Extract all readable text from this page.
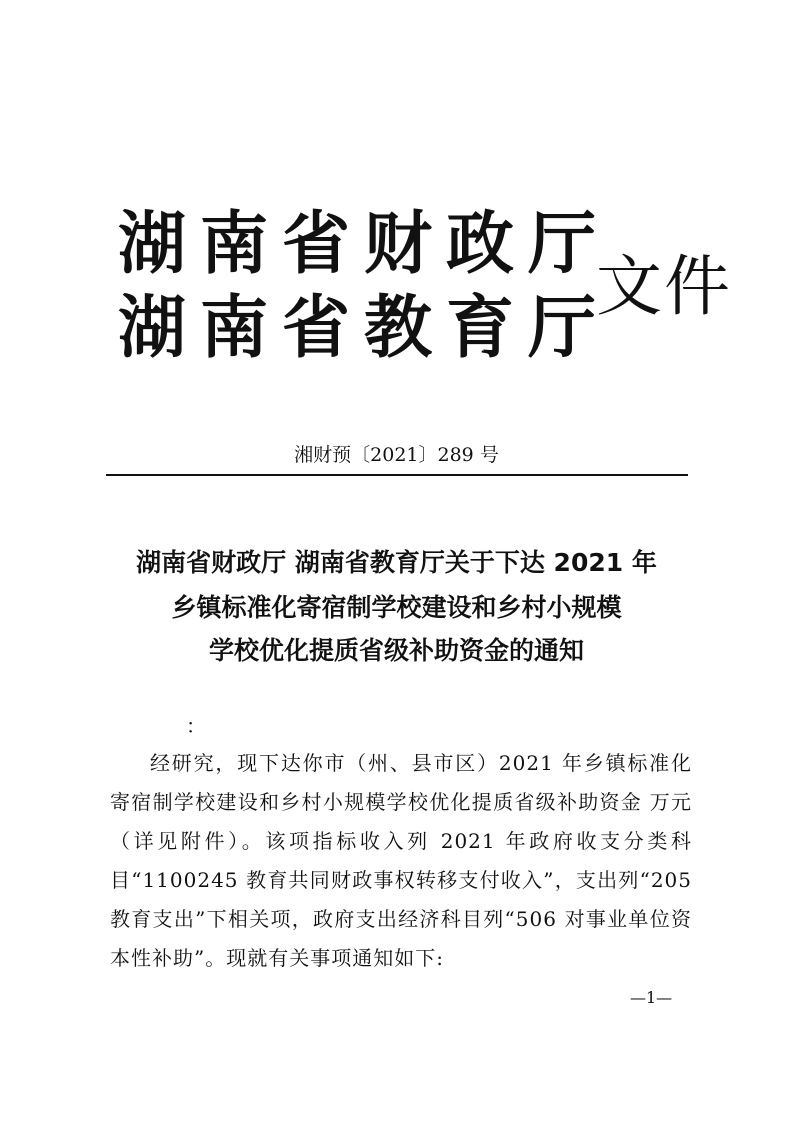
湖南省财政厅
湖南省教育厅
文件
湘财预〔2021〕289 号
湖南省财政厅 湖南省教育厅关于下达 2021 年
乡镇标准化寄宿制学校建设和乡村小规模
学校优化提质省级补助资金的通知
：
经研究，现下达你市（州、县市区）2021 年乡镇标准化寄宿制学校建设和乡村小规模学校优化提质省级补助资金 万元（详见附件）。该项指标收入列 2021 年政府收支分类科目“1100245 教育共同财政事权转移支付收入”，支出列“205 教育支出”下相关项，政府支出经济科目列“506 对事业单位资本性补助”。现就有关事项通知如下:
—1—
